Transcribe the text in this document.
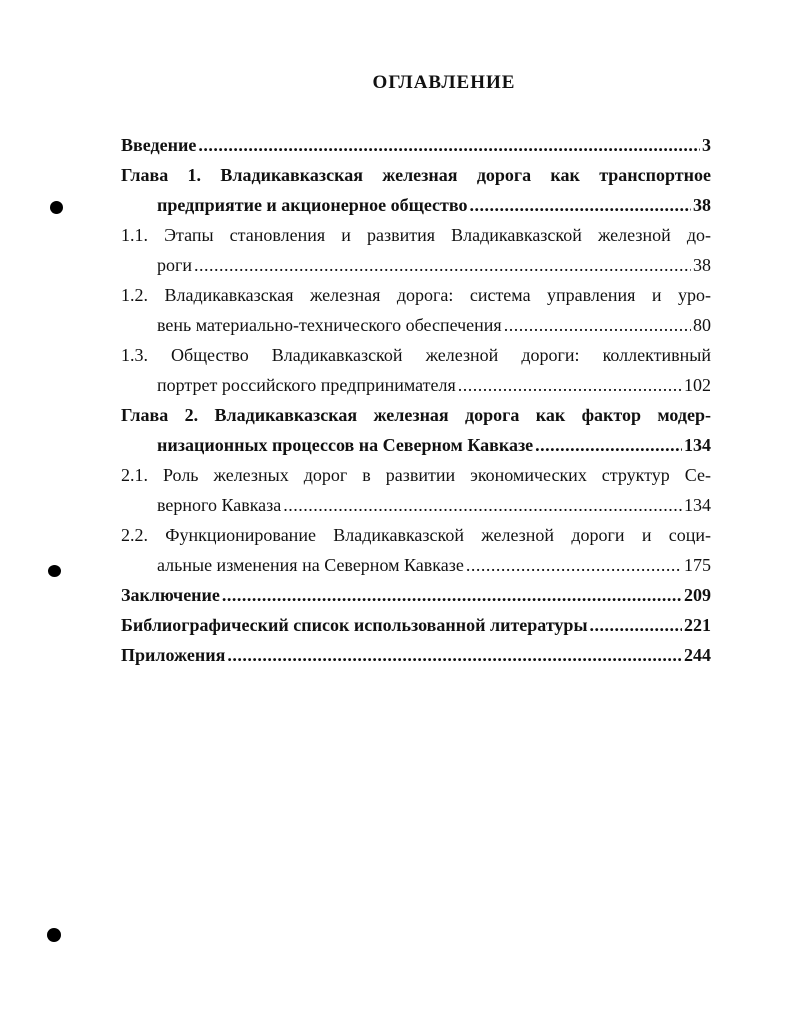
ОГЛАВЛЕНИЕ
Введение . . .	3
Глава 1. Владикавказская железная дорога как транспортное
предприятие и акционерное общество . . .	38
1.1. Этапы становления и развития Владикавказской железной до-
роги . . .	38
1.2. Владикавказская железная дорога: система управления и уро-
вень материально-технического обеспечения . . .	80
1.3. Общество Владикавказской железной дороги: коллективный
портрет российского предпринимателя . . .	102
Глава 2. Владикавказская железная дорога как фактор модер-
низационных процессов на Северном Кавказе . . .	134
2.1. Роль железных дорог в развитии экономических структур Се-
верного Кавказа . . .	134
2.2. Функционирование Владикавказской железной дороги и соци-
альные изменения на Северном Кавказе . . .	175
Заключение . . .	209
Библиографический список использованной литературы . . .	221
Приложения . . .	244
